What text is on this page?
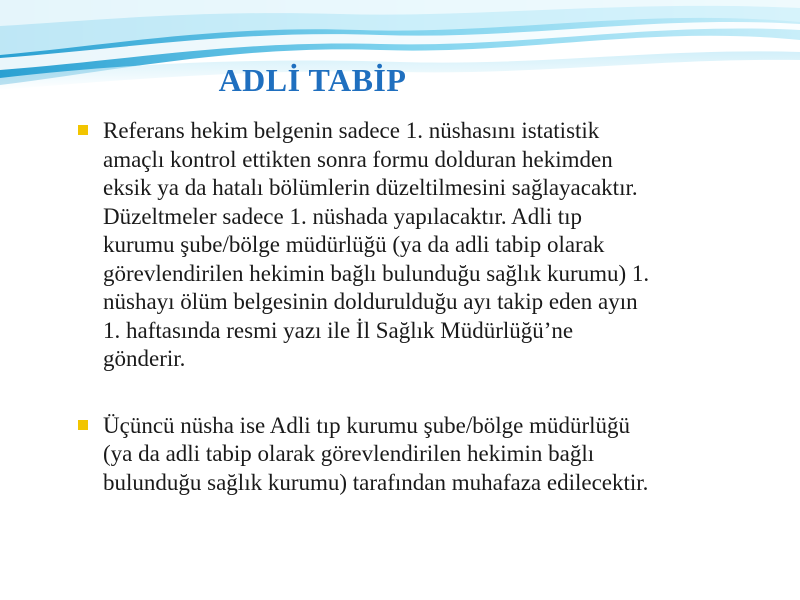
ADLİ TABİP
Referans hekim belgenin sadece 1. nüshasını istatistik
amaçlı kontrol ettikten sonra formu dolduran hekimden
eksik ya da hatalı bölümlerin düzeltilmesini sağlayacaktır.
Düzeltmeler sadece 1. nüshada yapılacaktır. Adli tıp
kurumu şube/bölge müdürlüğü (ya da adli tabip olarak
görevlendirilen hekimin bağlı bulunduğu sağlık kurumu) 1.
nüshayı ölüm belgesinin doldurulduğu ayı takip eden ayın
1. haftasında resmi yazı ile İl Sağlık Müdürlüğü’ne
gönderir.
Üçüncü nüsha ise Adli tıp kurumu şube/bölge müdürlüğü
(ya da adli tabip olarak görevlendirilen hekimin bağlı
bulunduğu sağlık kurumu) tarafından muhafaza edilecektir.
